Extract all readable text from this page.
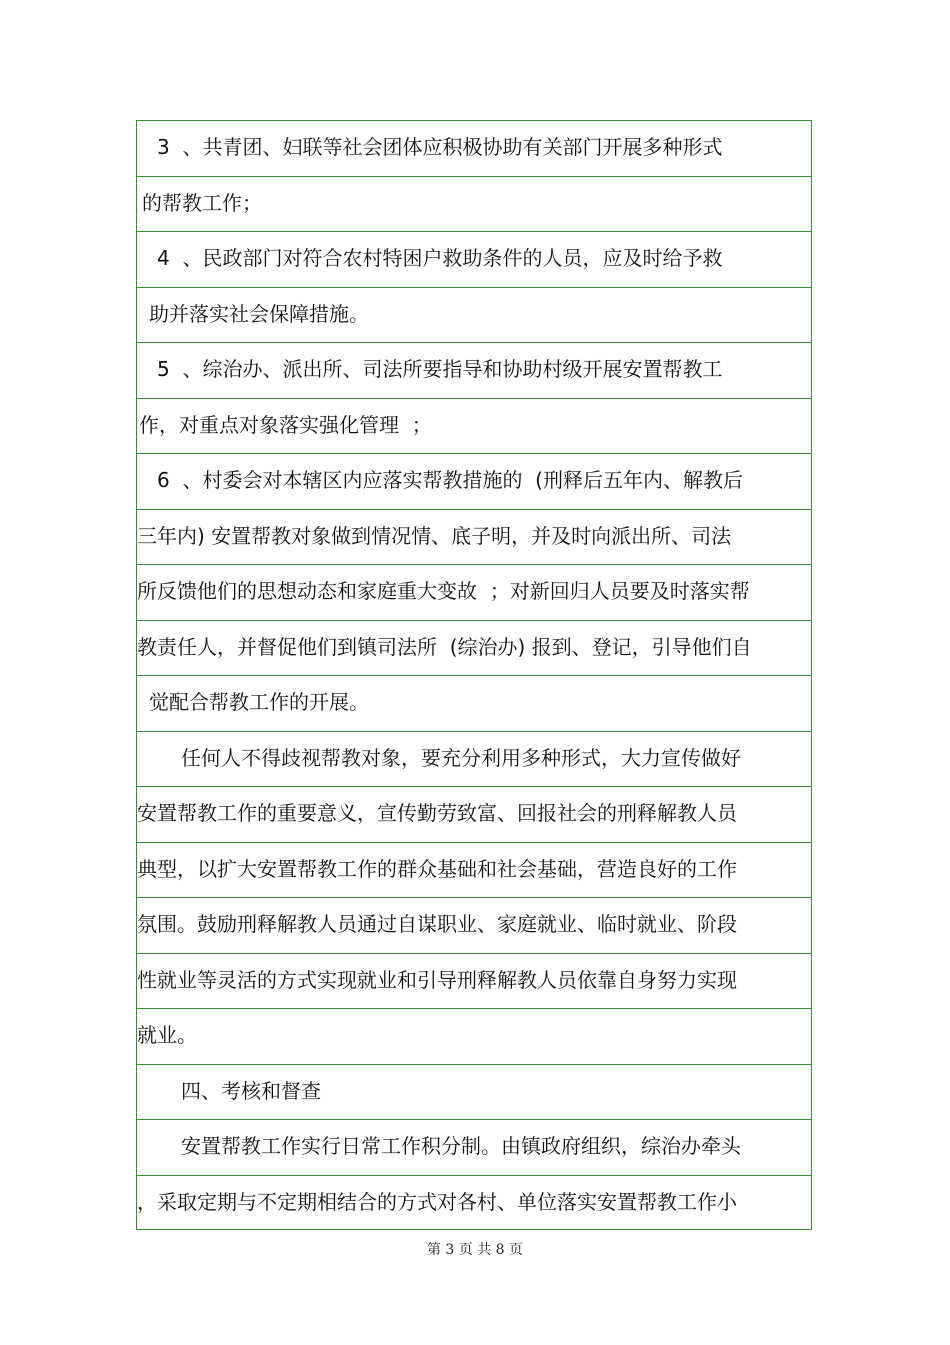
3  、共青团、妇联等社会团体应积极协助有关部门开展多种形式
的帮教工作；
4  、民政部门对符合农村特困户救助条件的人员，应及时给予救
助并落实社会保障措施。
5  、综治办、派出所、司法所要指导和协助村级开展安置帮教工
作，对重点对象落实强化管理  ；
6  、村委会对本辖区内应落实帮教措施的  (刑释后五年内、解教后
三年内) 安置帮教对象做到情况情、底子明，并及时向派出所、司法
所反馈他们的思想动态和家庭重大变故  ；对新回归人员要及时落实帮
教责任人，并督促他们到镇司法所  (综治办) 报到、登记，引导他们自
觉配合帮教工作的开展。
任何人不得歧视帮教对象，要充分利用多种形式，大力宣传做好
安置帮教工作的重要意义，宣传勤劳致富、回报社会的刑释解教人员
典型，以扩大安置帮教工作的群众基础和社会基础，营造良好的工作
氛围。鼓励刑释解教人员通过自谋职业、家庭就业、临时就业、阶段
性就业等灵活的方式实现就业和引导刑释解教人员依靠自身努力实现
就业。
四、考核和督查
安置帮教工作实行日常工作积分制。由镇政府组织，综治办牵头
，采取定期与不定期相结合的方式对各村、单位落实安置帮教工作小
第 3 页 共 8 页
